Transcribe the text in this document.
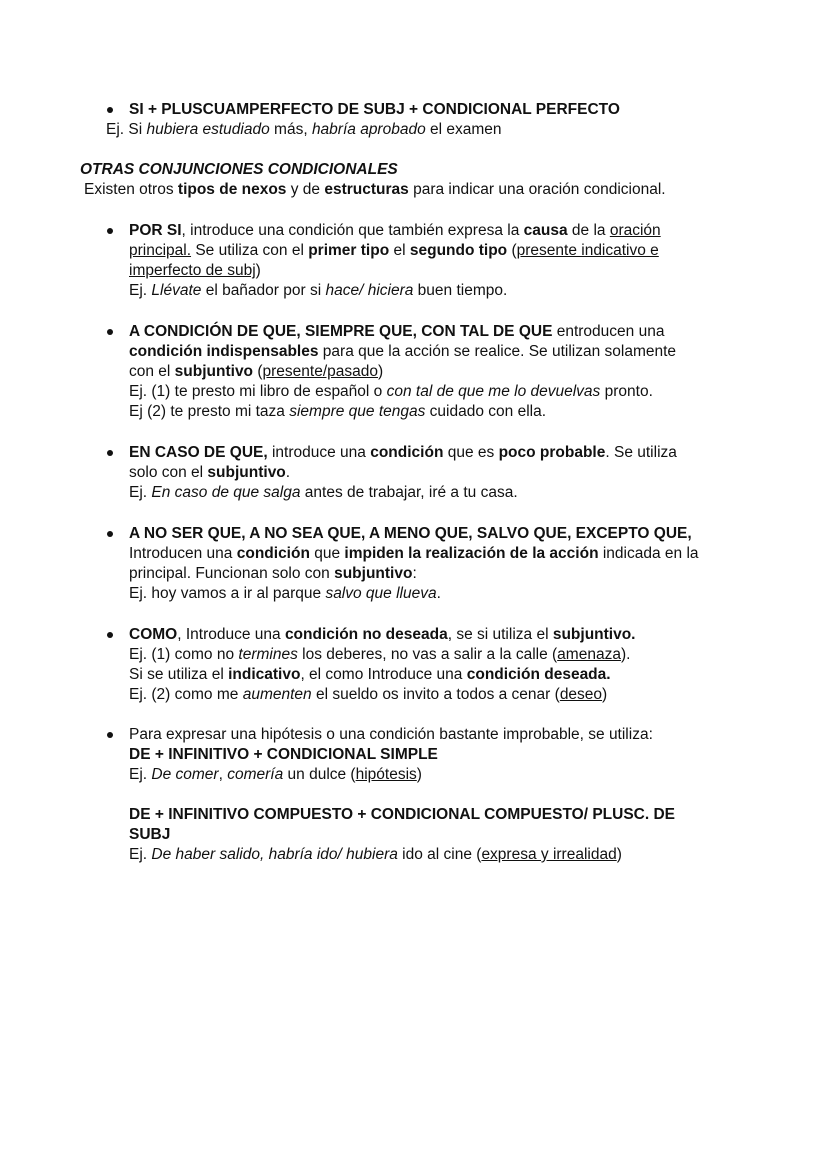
SI + PLUSCUAMPERFECTO DE SUBJ + CONDICIONAL PERFECTO
Ej. Si hubiera estudiado más, habría aprobado el examen
OTRAS CONJUNCIONES CONDICIONALES
Existen otros tipos de nexos y de estructuras para indicar una oración condicional.
POR SI, introduce una condición que también expresa la causa de la oración
principal. Se utiliza con el primer tipo el segundo tipo (presente indicativo e
imperfecto de subj)
Ej. Llévate el bañador por si hace/ hiciera buen tiempo.
A CONDICIÓN DE QUE, SIEMPRE QUE, CON TAL DE QUE entroducen una
condición indispensables para que la acción se realice. Se utilizan solamente
con el subjuntivo (presente/pasado)
Ej. (1) te presto mi libro de español o con tal de que me lo devuelvas pronto.
Ej (2) te presto mi taza siempre que tengas cuidado con ella.
EN CASO DE QUE, introduce una condición que es poco probable. Se utiliza
solo con el subjuntivo.
Ej. En caso de que salga antes de trabajar, iré a tu casa.
A NO SER QUE, A NO SEA QUE, A MENO QUE, SALVO QUE, EXCEPTO QUE,
Introducen una condición que impiden la realización de la acción indicada en la
principal. Funcionan solo con subjuntivo:
Ej. hoy vamos a ir al parque salvo que llueva.
COMO, Introduce una condición no deseada, se si utiliza el subjuntivo.
Ej. (1) como no termines los deberes, no vas a salir a la calle (amenaza).
Si se utiliza el indicativo, el como Introduce una condición deseada.
Ej. (2) como me aumenten el sueldo os invito a todos a cenar (deseo)
Para expresar una hipótesis o una condición bastante improbable, se utiliza:
DE + INFINITIVO + CONDICIONAL SIMPLE
Ej. De comer, comería un dulce (hipótesis)
DE + INFINITIVO COMPUESTO + CONDICIONAL COMPUESTO/ PLUSC. DE
SUBJ
Ej. De haber salido, habría ido/ hubiera ido al cine (expresa y irrealidad)
